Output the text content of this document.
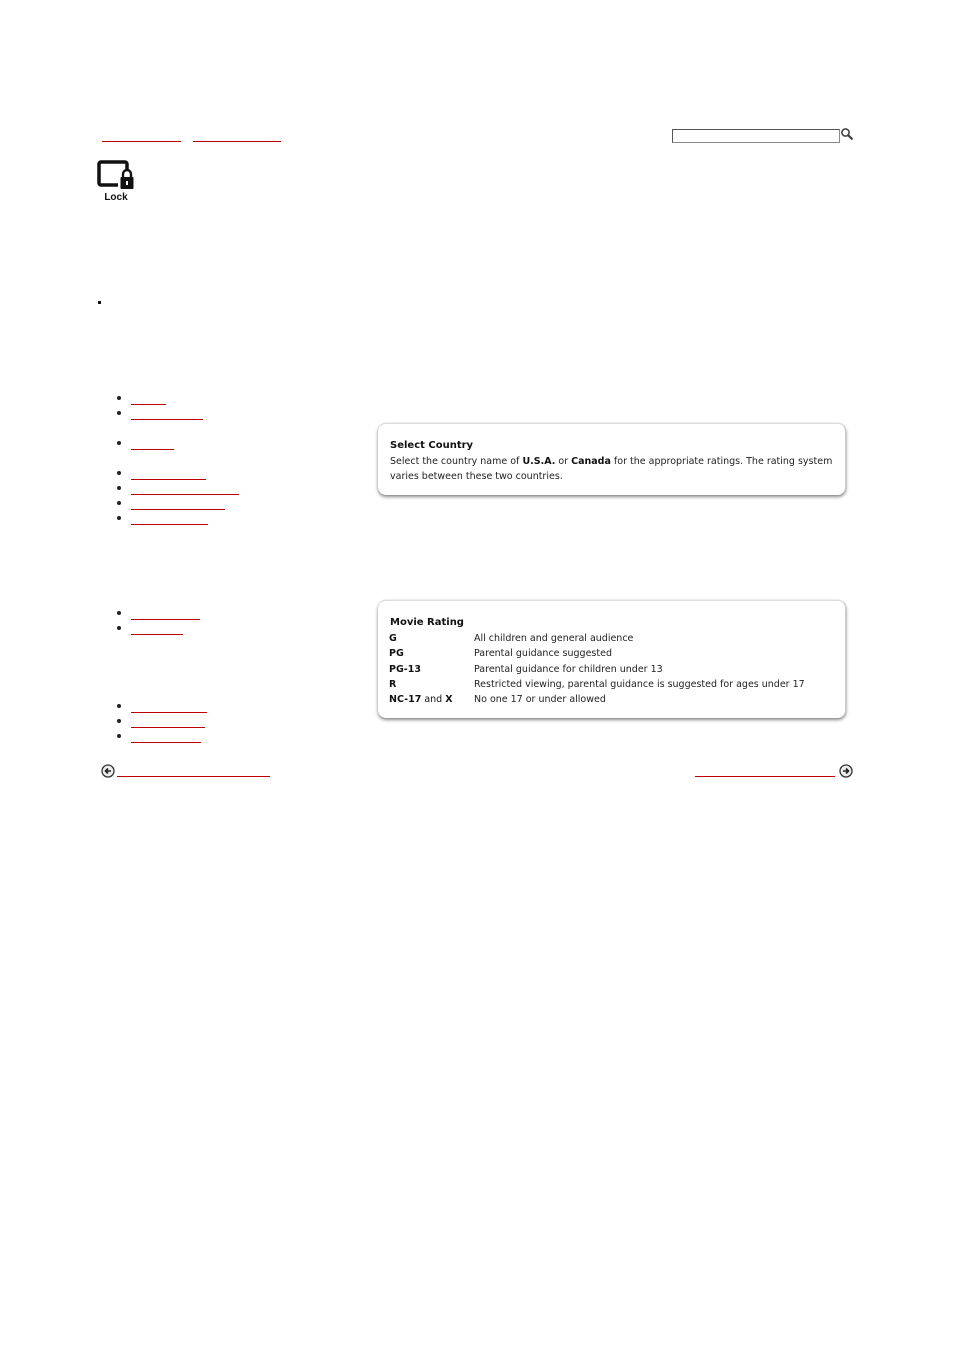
Lock
Select Country
Select the country name of U.S.A. or Canada for the appropriate ratings. The rating system varies between these two countries.
Movie Rating
G	All children and general audience
PG	Parental guidance suggested
PG-13	Parental guidance for children under 13
R	Restricted viewing, parental guidance is suggested for ages under 17
NC-17 and X	No one 17 or under allowed
